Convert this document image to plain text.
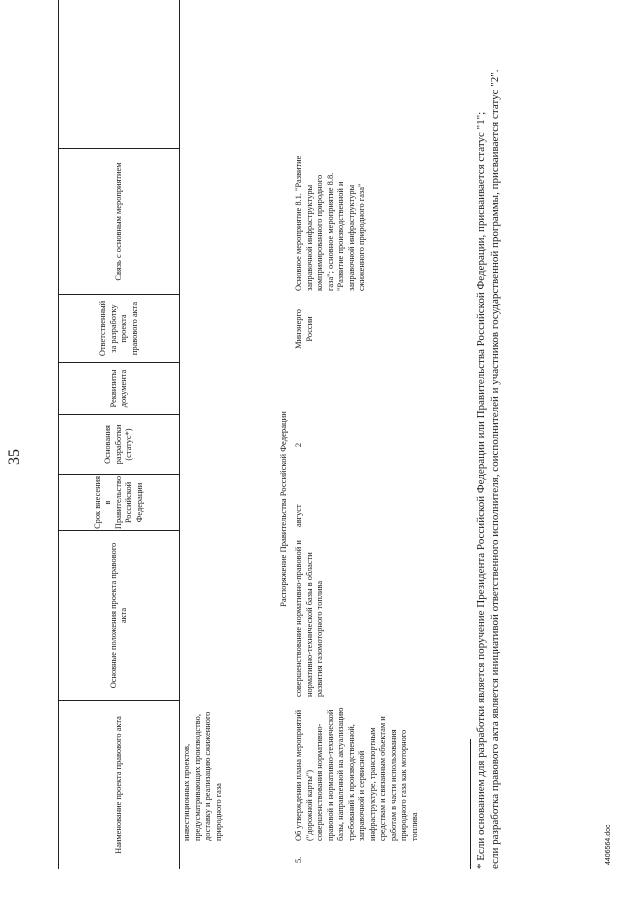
35
Наименование проекта правового акта
Основные положения проекта правового акта
Срок внесения в Правительство Российской Федерации
Основания разработки (статус*)
Реквизиты документа
Ответственный за разработку проекта правового акта
Связь с основным мероприятием
инвестиционных проектов, предусматривающих производство, доставку и реализацию сжиженного природного газа
Распоряжение Правительства Российской Федерации
5.
Об утверждении плана мероприятий ("дорожной карты") совершенствования нормативно-правовой и нормативно-технической базы, направленной на актуализацию требований к производственной, заправочной и сервисной инфраструктуре, транспортным средствам и связанным объектам и работам в части использования природного газа как моторного топлива
совершенствование нормативно-правовой и нормативно-технической базы в области развития газомоторного топлива
август
2
Минэнерго России
Основное мероприятие 8.1. "Развитие заправочной инфраструктуры компримированного природного газа"; основное мероприятие 8.8. "Развитие производственной и заправочной инфраструктуры сжиженного природного газа"	* Если основанием для разработки является поручение Президента Российской Федерации или Правительства Российской Федерации, присваивается статус "1"; если разработка правового акта является инициативой ответственного исполнителя, соисполнителей и участников государственной программы, присваивается статус "2".	4406564.doc
